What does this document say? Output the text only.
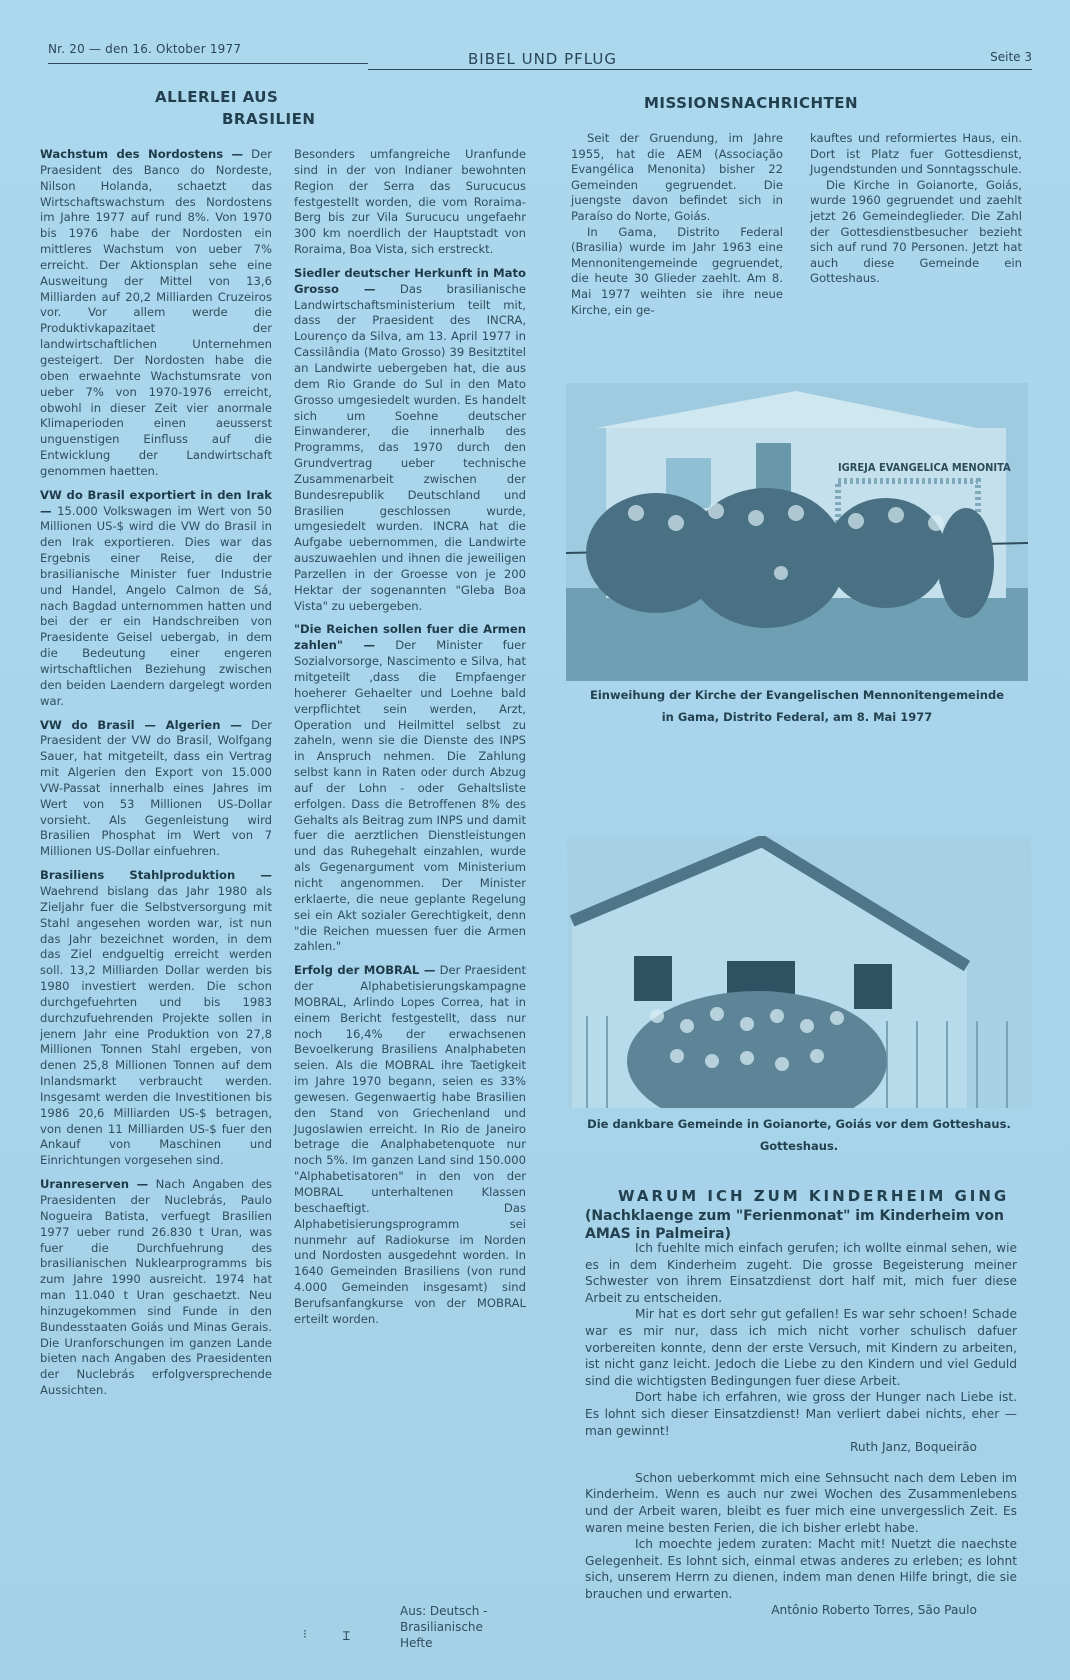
Nr. 20 — den 16. Oktober 1977
BIBEL UND PFLUG	Seite 3
ALLERLEI AUS
BRASILIEN

Wachstum des Nordostens — Der Praesident des Banco do Nordeste, Nilson Holanda, schaetzt das Wirtschaftswachstum des Nordostens im Jahre 1977 auf rund 8%. Von 1970 bis 1976 habe der Nordosten ein mittleres Wachstum von ueber 7% erreicht. Der Aktionsplan sehe eine Ausweitung der Mittel von 13,6 Milliarden auf 20,2 Milliarden Cruzeiros vor. Vor allem werde die Produktivkapazitaet der landwirtschaftlichen Unternehmen gesteigert. Der Nordosten habe die oben erwaehnte Wachstumsrate von ueber 7% von 1970-1976 erreicht, obwohl in dieser Zeit vier anormale Klimaperioden einen aeusserst unguenstigen Einfluss auf die Entwicklung der Landwirtschaft genommen haetten.

VW do Brasil exportiert in den Irak — 15.000 Volkswagen im Wert von 50 Millionen US-$ wird die VW do Brasil in den Irak exportieren. Dies war das Ergebnis einer Reise, die der brasilianische Minister fuer Industrie und Handel, Angelo Calmon de Sá, nach Bagdad unternommen hatten und bei der er ein Handschreiben von Praesidente Geisel uebergab, in dem die Bedeutung einer engeren wirtschaftlichen Beziehung zwischen den beiden Laendern dargelegt worden war.

VW do Brasil — Algerien — Der Praesident der VW do Brasil, Wolfgang Sauer, hat mitgeteilt, dass ein Vertrag mit Algerien den Export von 15.000 VW-Passat innerhalb eines Jahres im Wert von 53 Millionen US-Dollar vorsieht. Als Gegenleistung wird Brasilien Phosphat im Wert von 7 Millionen US-Dollar einfuehren.

Brasiliens Stahlproduktion — Waehrend bislang das Jahr 1980 als Zieljahr fuer die Selbstversorgung mit Stahl angesehen worden war, ist nun das Jahr bezeichnet worden, in dem das Ziel endgueltig erreicht werden soll. 13,2 Milliarden Dollar werden bis 1980 investiert werden. Die schon durchgefuehrten und bis 1983 durchzufuehrenden Projekte sollen in jenem Jahr eine Produktion von 27,8 Millionen Tonnen Stahl ergeben, von denen 25,8 Millionen Tonnen auf dem Inlandsmarkt verbraucht werden. Insgesamt werden die Investitionen bis 1986 20,6 Milliarden US-$ betragen, von denen 11 Milliarden US-$ fuer den Ankauf von Maschinen und Einrichtungen vorgesehen sind.

Uranreserven — Nach Angaben des Praesidenten der Nuclebrás, Paulo Nogueira Batista, verfuegt Brasilien 1977 ueber rund 26.830 t Uran, was fuer die Durchfuehrung des brasilianischen Nuklearprogramms bis zum Jahre 1990 ausreicht. 1974 hat man 11.040 t Uran geschaetzt. Neu hinzugekommen sind Funde in den Bundesstaaten Goiás und Minas Gerais. Die Uranforschungen im ganzen Lande bieten nach Angaben des Praesidenten der Nuclebrás erfolgversprechende Aussichten.

Besonders umfangreiche Uranfunde sind in der von Indianer bewohnten Region der Serra das Surucucus festgestellt worden, die vom Roraima-Berg bis zur Vila Surucucu ungefaehr 300 km noerdlich der Hauptstadt von Roraima, Boa Vista, sich erstreckt.

Siedler deutscher Herkunft in Mato Grosso — Das brasilianische Landwirtschaftsministerium teilt mit, dass der Praesident des INCRA, Lourenço da Silva, am 13. April 1977 in Cassilândia (Mato Grosso) 39 Besitztitel an Landwirte uebergeben hat, die aus dem Rio Grande do Sul in den Mato Grosso umgesiedelt wurden. Es handelt sich um Soehne deutscher Einwanderer, die innerhalb des Programms, das 1970 durch den Grundvertrag ueber technische Zusammenarbeit zwischen der Bundesrepublik Deutschland und Brasilien geschlossen wurde, umgesiedelt wurden. INCRA hat die Aufgabe uebernommen, die Landwirte auszuwaehlen und ihnen die jeweiligen Parzellen in der Groesse von je 200 Hektar der sogenannten "Gleba Boa Vista" zu uebergeben.

"Die Reichen sollen fuer die Armen zahlen" — Der Minister fuer Sozialvorsorge, Nascimento e Silva, hat mitgeteilt ,dass die Empfaenger hoeherer Gehaelter und Loehne bald verpflichtet sein werden, Arzt, Operation und Heilmittel selbst zu zaheln, wenn sie die Dienste des INPS in Anspruch nehmen. Die Zahlung selbst kann in Raten oder durch Abzug auf der Lohn - oder Gehaltsliste erfolgen. Dass die Betroffenen 8% des Gehalts als Beitrag zum INPS und damit fuer die aerztlichen Dienstleistungen und das Ruhegehalt einzahlen, wurde als Gegenargument vom Ministerium nicht angenommen. Der Minister erklaerte, die neue geplante Regelung sei ein Akt sozialer Gerechtigkeit, denn "die Reichen muessen fuer die Armen zahlen."

Erfolg der MOBRAL — Der Praesident der Alphabetisierungskampagne MOBRAL, Arlindo Lopes Correa, hat in einem Bericht festgestellt, dass nur noch 16,4% der erwachsenen Bevoelkerung Brasiliens Analphabeten seien. Als die MOBRAL ihre Taetigkeit im Jahre 1970 begann, seien es 33% gewesen. Gegenwaertig habe Brasilien den Stand von Griechenland und Jugoslawien erreicht. In Rio de Janeiro betrage die Analphabetenquote nur noch 5%. Im ganzen Land sind 150.000 "Alphabetisatoren" in den von der MOBRAL unterhaltenen Klassen beschaeftigt. Das Alphabetisierungsprogramm sei nunmehr auf Radiokurse im Norden und Nordosten ausgedehnt worden. In 1640 Gemeinden Brasiliens (von rund 4.000 Gemeinden insgesamt) sind Berufsanfangkurse von der MOBRAL erteilt worden.

Aus: Deutsch -
Brasilianische
Hefte
⁝	Ɪ
MISSIONSNACHRICHTEN

Seit der Gruendung, im Jahre 1955, hat die AEM (Associação Evangélica Menonita) bisher 22 Gemeinden gegruendet. Die juengste davon befindet sich in Paraíso do Norte, Goiás.

In Gama, Distrito Federal (Brasilia) wurde im Jahr 1963 eine Mennonitengemeinde gegruendet, die heute 30 Glieder zaehlt. Am 8. Mai 1977 weihten sie ihre neue Kirche, ein ge-

kauftes und reformiertes Haus, ein. Dort ist Platz fuer Gottesdienst, Jugendstunden und Sonntagsschule.

Die Kirche in Goianorte, Goiás, wurde 1960 gegruendet und zaehlt jetzt 26 Gemeindeglieder. Die Zahl der Gottesdienstbesucher bezieht sich auf rund 70 Personen. Jetzt hat auch diese Gemeinde ein Gotteshaus.

IGREJA EVANGELICA MENONITA
Einweihung der Kirche der Evangelischen Mennonitengemeinde
in Gama, Distrito Federal, am 8. Mai 1977
Die dankbare Gemeinde in Goianorte, Goiás vor dem Gotteshaus.
Gotteshaus.
WARUM ICH ZUM KINDERHEIM GING
(Nachklaenge zum "Ferienmonat" im Kinderheim von AMAS in Palmeira)

Ich fuehlte mich einfach gerufen; ich wollte einmal sehen, wie es in dem Kinderheim zugeht. Die grosse Begeisterung meiner Schwester von ihrem Einsatzdienst dort half mit, mich fuer diese Arbeit zu entscheiden.

Mir hat es dort sehr gut gefallen! Es war sehr schoen! Schade war es mir nur, dass ich mich nicht vorher schulisch dafuer vorbereiten konnte, denn der erste Versuch, mit Kindern zu arbeiten, ist nicht ganz leicht. Jedoch die Liebe zu den Kindern und viel Geduld sind die wichtigsten Bedingungen fuer diese Arbeit.

Dort habe ich erfahren, wie gross der Hunger nach Liebe ist. Es lohnt sich dieser Einsatzdienst! Man verliert dabei nichts, eher — man gewinnt!

Ruth Janz, Boqueirão

Schon ueberkommt mich eine Sehnsucht nach dem Leben im Kinderheim. Wenn es auch nur zwei Wochen des Zusammenlebens und der Arbeit waren, bleibt es fuer mich eine unvergesslich Zeit. Es waren meine besten Ferien, die ich bisher erlebt habe.

Ich moechte jedem zuraten: Macht mit! Nuetzt die naechste Gelegenheit. Es lohnt sich, einmal etwas anderes zu erleben; es lohnt sich, unserem Herrn zu dienen, indem man denen Hilfe bringt, die sie brauchen und erwarten.

Antônio Roberto Torres, São Paulo
